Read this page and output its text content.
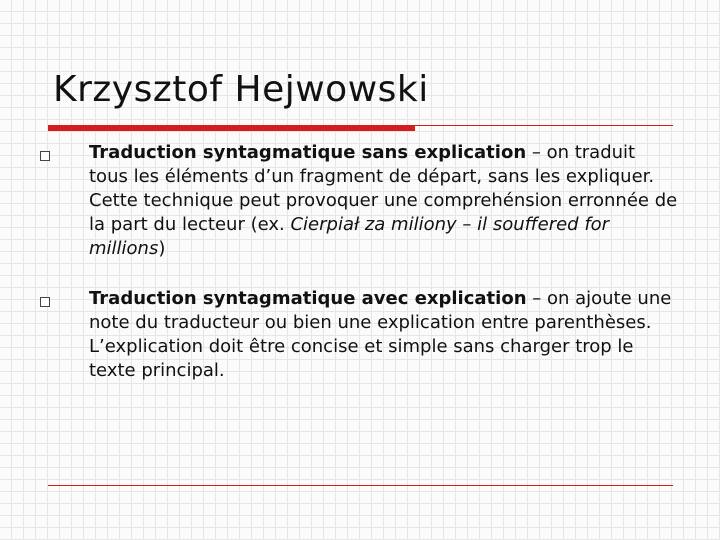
Krzysztof Hejwowski
Traduction syntagmatique sans explication – on traduit tous les éléments d’un fragment de départ, sans les expliquer. Cette technique peut provoquer une comprehénsion erronnée de la part du lecteur (ex. Cierpiał za miliony – il souffered for millions)
Traduction syntagmatique avec explication – on ajoute une note du traducteur ou bien une explication entre parenthèses. L’explication doit être concise et simple sans charger trop le texte principal.
